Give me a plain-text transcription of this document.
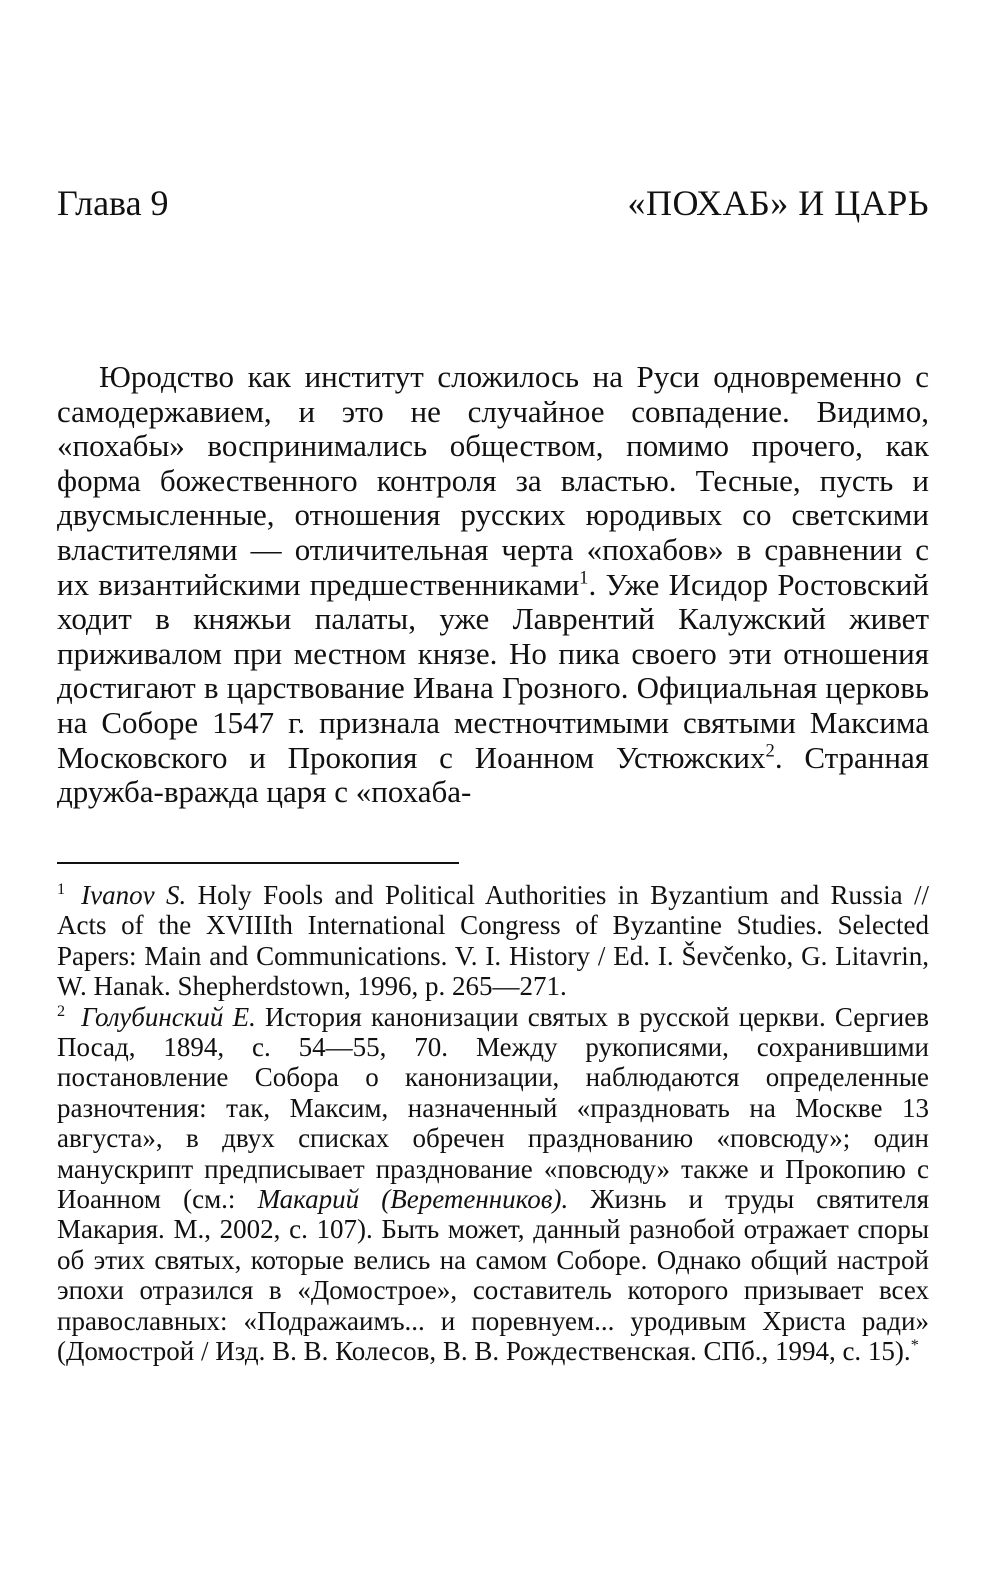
Глава 9	«ПОХАБ» И ЦАРЬ

Юродство как институт сложилось на Руси одновременно с самодержавием, и это не случайное совпадение. Видимо, «похабы» воспринимались обществом, помимо прочего, как форма божественного контроля за властью. Тесные, пусть и двусмысленные, отношения русских юродивых со светскими властителями — отличительная черта «похабов» в сравнении с их византийскими предшественниками$^1$. Уже Исидор Ростовский ходит в княжьи палаты, уже Лаврентий Калужский живет приживалом при местном князе. Но пика своего эти отношения достигают в царствование Ивана Грозного. Официальная церковь на Соборе 1547 г. признала местночтимыми святыми Максима Московского и Прокопия с Иоанном Устюжских$^2$. Странная дружба-вражда царя с «похаба-

$^1$ Ivanov S. Holy Fools and Political Authorities in Byzantium and Russia // Acts of the XVIIIth International Congress of Byzantine Studies. Selected Papers: Main and Communications. V. I. History / Ed. I. Ševčenko, G. Litavrin, W. Hanak. Shepherdstown, 1996, p. 265—271.

$^2$ Голубинский Е. История канонизации святых в русской церкви. Сергиев Посад, 1894, с. 54—55, 70. Между рукописями, сохранившими постановление Собора о канонизации, наблюдаются определенные разночтения: так, Максим, назначенный «праздновать на Москве 13 августа», в двух списках обречен празднованию «повсюду»; один манускрипт предписывает празднование «повсюду» также и Прокопию с Иоанном (см.: Макарий (Веретенников). Жизнь и труды святителя Макария. М., 2002, с. 107). Быть может, данный разнобой отражает споры об этих святых, которые велись на самом Соборе. Однако общий настрой эпохи отразился в «Домострое», составитель которого призывает всех православных: «Подражаимъ... и поревнуем... уродивым Христа ради» (Домострой / Изд. В. В. Колесов, В. В. Рождественская. СПб., 1994, с. 15).*
